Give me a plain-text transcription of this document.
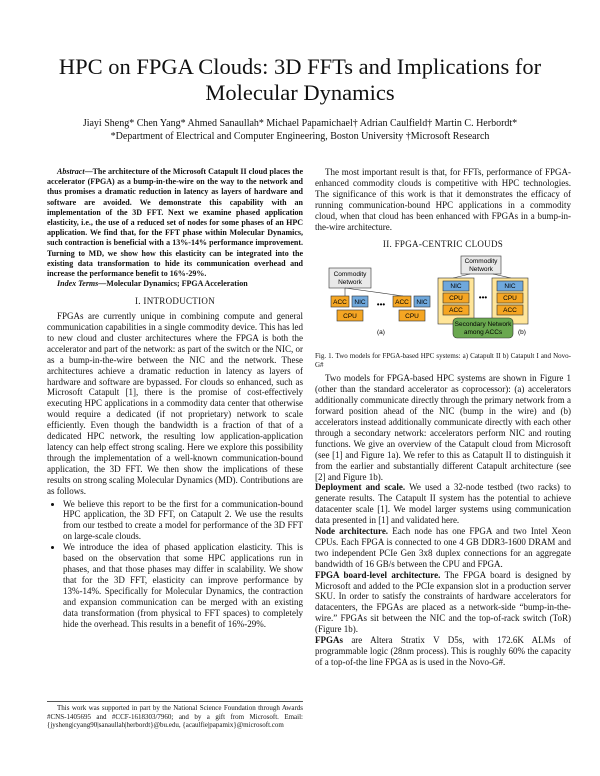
HPC on FPGA Clouds: 3D FFTs and Implications for Molecular Dynamics
Jiayi Sheng* Chen Yang* Ahmed Sanaullah* Michael Papamichael† Adrian Caulfield† Martin C. Herbordt*
*Department of Electrical and Computer Engineering, Boston University †Microsoft Research

Abstract—The architecture of the Microsoft Catapult II cloud places the accelerator (FPGA) as a bump-in-the-wire on the way to the network and thus promises a dramatic reduction in latency as layers of hardware and software are avoided. We demonstrate this capability with an implementation of the 3D FFT. Next we examine phased application elasticity, i.e., the use of a reduced set of nodes for some phases of an HPC application. We find that, for the FFT phase within Molecular Dynamics, such contraction is beneficial with a 13%-14% performance improvement. Turning to MD, we show how this elasticity can be integrated into the existing data transformation to hide its communication overhead and increase the performance benefit to 16%-29%.

Index Terms—Molecular Dynamics; FPGA Acceleration

I. INTRODUCTION

FPGAs are currently unique in combining compute and general communication capabilities in a single commodity device. This has led to new cloud and cluster architectures where the FPGA is both the accelerator and part of the network: as part of the switch or the NIC, or as a bump-in-the-wire between the NIC and the network. These architectures achieve a dramatic reduction in latency as layers of hardware and software are bypassed. For clouds so enhanced, such as Microsoft Catapult [1], there is the promise of cost-effectively executing HPC applications in a commodity data center that otherwise would require a dedicated (if not proprietary) network to scale efficiently. Even though the bandwidth is a fraction of that of a dedicated HPC network, the resulting low application-application latency can help effect strong scaling. Here we explore this possibility through the implementation of a well-known communication-bound application, the 3D FFT. We then show the implications of these results on strong scaling Molecular Dynamics (MD). Contributions are as follows.

• We believe this report to be the first for a communication-bound HPC application, the 3D FFT, on Catapult 2. We use the results from our testbed to create a model for performance of the 3D FFT on large-scale clouds.
• We introduce the idea of phased application elasticity. This is based on the observation that some HPC applications run in phases, and that those phases may differ in scalability. We show that for the 3D FFT, elasticity can improve performance by 13%-14%. Specifically for Molecular Dynamics, the contraction and expansion communication can be merged with an existing data transformation (from physical to FFT spaces) to completely hide the overhead. This results in a benefit of 16%-29%.
This work was supported in part by the National Science Foundation through Awards #CNS-1405695 and #CCF-1618303/7960; and by a gift from Microsoft. Email: {jysheng|cyang90|sanaullah|herbordt}@bu.edu, {acaulfie|papamix}@microsoft.com

The most important result is that, for FFTs, performance of FPGA-enhanced commodity clouds is competitive with HPC technologies. The significance of this work is that it demonstrates the efficacy of running communication-bound HPC applications in a commodity cloud, when that cloud has been enhanced with FPGAs in a bump-in-the-wire architecture.

II. FPGA-CENTRIC CLOUDS
Commodity
Network
ACC NIC
CPU
••• ACC NIC
CPU
(a)
Commodity
Network
NIC
CPU
ACC
•••
NIC
CPU
ACC
Secondary Network
among ACCs (b)

Fig. 1. Two models for FPGA-based HPC systems: a) Catapult II b) Catapult I and Novo-G#

Two models for FPGA-based HPC systems are shown in Figure 1 (other than the standard accelerator as coprocessor): (a) accelerators additionally communicate directly through the primary network from a forward position ahead of the NIC (bump in the wire) and (b) accelerators instead additionally communicate directly with each other through a secondary network: accelerators perform NIC and routing functions. We give an overview of the Catapult cloud from Microsoft (see [1] and Figure 1a). We refer to this as Catapult II to distinguish it from the earlier and substantially different Catapult architecture (see [2] and Figure 1b).

Deployment and scale. We used a 32-node testbed (two racks) to generate results. The Catapult II system has the potential to achieve datacenter scale [1]. We model larger systems using communication data presented in [1] and validated here.

Node architecture. Each node has one FPGA and two Intel Xeon CPUs. Each FPGA is connected to one 4 GB DDR3-1600 DRAM and two independent PCIe Gen 3x8 duplex connections for an aggregate bandwidth of 16 GB/s between the CPU and FPGA.

FPGA board-level architecture. The FPGA board is designed by Microsoft and added to the PCIe expansion slot in a production server SKU. In order to satisfy the constraints of hardware accelerators for datacenters, the FPGAs are placed as a network-side “bump-in-the-wire.” FPGAs sit between the NIC and the top-of-rack switch (ToR) (Figure 1b).

FPGAs are Altera Stratix V D5s, with 172.6K ALMs of programmable logic (28nm process). This is roughly 60% the capacity of a top-of-the line FPGA as is used in the Novo-G#.
